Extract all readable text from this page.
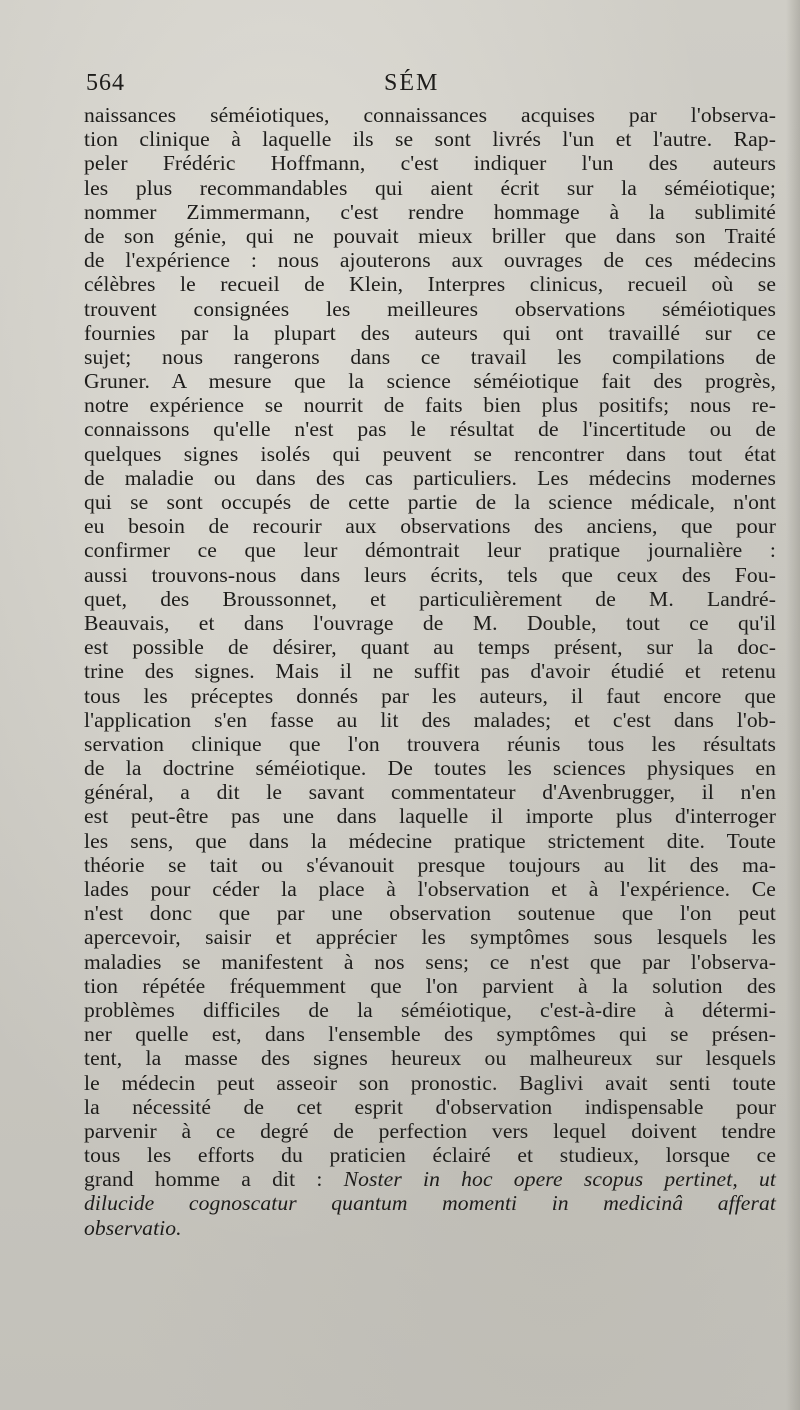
564	SÉM
naissances séméiotiques, connaissances acquises par l'observa-
tion clinique à laquelle ils se sont livrés l'un et l'autre. Rap-
peler Frédéric Hoffmann, c'est indiquer l'un des auteurs
les plus recommandables qui aient écrit sur la séméiotique;
nommer Zimmermann, c'est rendre hommage à la sublimité
de son génie, qui ne pouvait mieux briller que dans son Traité
de l'expérience : nous ajouterons aux ouvrages de ces médecins
célèbres le recueil de Klein, Interpres clinicus, recueil où se
trouvent consignées les meilleures observations séméiotiques
fournies par la plupart des auteurs qui ont travaillé sur ce
sujet; nous rangerons dans ce travail les compilations de
Gruner. A mesure que la science séméiotique fait des progrès,
notre expérience se nourrit de faits bien plus positifs; nous re-
connaissons qu'elle n'est pas le résultat de l'incertitude ou de
quelques signes isolés qui peuvent se rencontrer dans tout état
de maladie ou dans des cas particuliers. Les médecins modernes
qui se sont occupés de cette partie de la science médicale, n'ont
eu besoin de recourir aux observations des anciens, que pour
confirmer ce que leur démontrait leur pratique journalière :
aussi trouvons-nous dans leurs écrits, tels que ceux des Fou-
quet, des Broussonnet, et particulièrement de M. Landré-
Beauvais, et dans l'ouvrage de M. Double, tout ce qu'il
est possible de désirer, quant au temps présent, sur la doc-
trine des signes. Mais il ne suffit pas d'avoir étudié et retenu
tous les préceptes donnés par les auteurs, il faut encore que
l'application s'en fasse au lit des malades; et c'est dans l'ob-
servation clinique que l'on trouvera réunis tous les résultats
de la doctrine séméiotique. De toutes les sciences physiques en
général, a dit le savant commentateur d'Avenbrugger, il n'en
est peut-être pas une dans laquelle il importe plus d'interroger
les sens, que dans la médecine pratique strictement dite. Toute
théorie se tait ou s'évanouit presque toujours au lit des ma-
lades pour céder la place à l'observation et à l'expérience. Ce
n'est donc que par une observation soutenue que l'on peut
apercevoir, saisir et apprécier les symptômes sous lesquels les
maladies se manifestent à nos sens; ce n'est que par l'observa-
tion répétée fréquemment que l'on parvient à la solution des
problèmes difficiles de la séméiotique, c'est-à-dire à détermi-
ner quelle est, dans l'ensemble des symptômes qui se présen-
tent, la masse des signes heureux ou malheureux sur lesquels
le médecin peut asseoir son pronostic. Baglivi avait senti toute
la nécessité de cet esprit d'observation indispensable pour
parvenir à ce degré de perfection vers lequel doivent tendre
tous les efforts du praticien éclairé et studieux, lorsque ce
grand homme a dit : Noster in hoc opere scopus pertinet, ut
dilucide cognoscatur quantum momenti in medicinâ afferat
observatio.
